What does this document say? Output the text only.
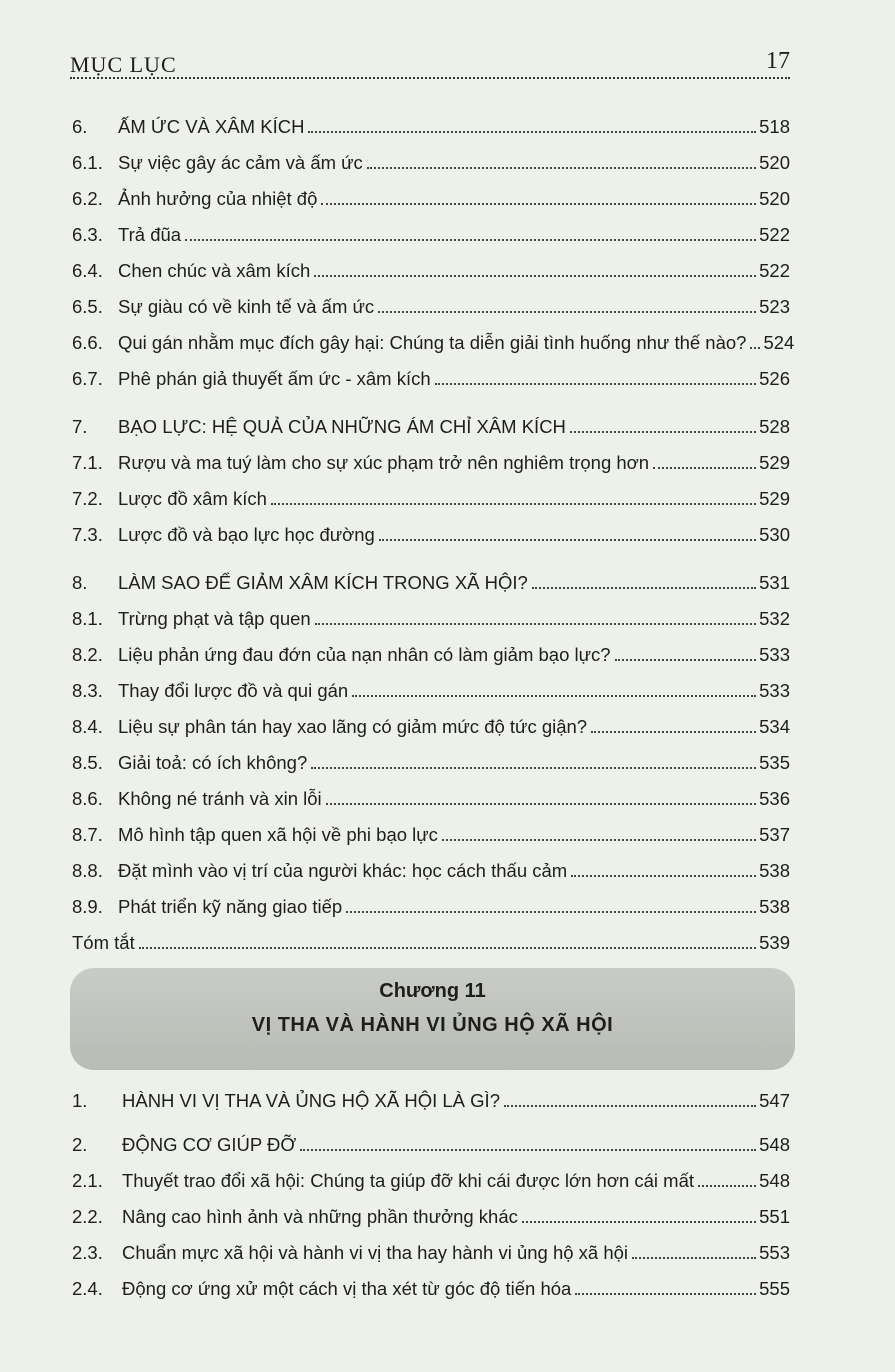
MỤC LỤC	17
6.	ẤM ỨC VÀ XÂM KÍCH	518
6.1. Sự việc gây ác cảm và ấm ức	520
6.2. Ảnh hưởng của nhiệt độ	520
6.3. Trả đũa	522
6.4. Chen chúc và xâm kích	522
6.5. Sự giàu có về kinh tế và ấm ức	523
6.6. Qui gán nhằm mục đích gây hại: Chúng ta diễn giải tình huống như thế nào? 524
6.7. Phê phán giả thuyết ấm ức - xâm kích	526
7.	BẠO LỰC: HỆ QUẢ CỦA NHỮNG ÁM CHỈ XÂM KÍCH	528
7.1. Rượu và ma tuý làm cho sự xúc phạm trở nên nghiêm trọng hơn	529
7.2. Lược đồ xâm kích	529
7.3. Lược đồ và bạo lực học đường	530
8.	LÀM SAO ĐỂ GIẢM XÂM KÍCH TRONG XÃ HỘI?	531
8.1. Trừng phạt và tập quen	532
8.2. Liệu phản ứng đau đớn của nạn nhân có làm giảm bạo lực?	533
8.3. Thay đổi lược đồ và qui gán	533
8.4. Liệu sự phân tán hay xao lãng có giảm mức độ tức giận?	534
8.5. Giải toả: có ích không?	535
8.6. Không né tránh và xin lỗi	536
8.7. Mô hình tập quen xã hội về phi bạo lực	537
8.8. Đặt mình vào vị trí của người khác: học cách thấu cảm	538
8.9. Phát triển kỹ năng giao tiếp	538
Tóm tắt	539
Chương 11
VỊ THA VÀ HÀNH VI ỦNG HỘ XÃ HỘI
1.	HÀNH VI VỊ THA VÀ ỦNG HỘ XÃ HỘI LÀ GÌ?	547
2.	ĐỘNG CƠ GIÚP ĐỠ	548
2.1.	Thuyết trao đổi xã hội: Chúng ta giúp đỡ khi cái được lớn hơn cái mất	548
2.2.	Nâng cao hình ảnh và những phần thưởng khác	551
2.3.	Chuẩn mực xã hội và hành vi vị tha hay hành vi ủng hộ xã hội	553
2.4.	Động cơ ứng xử một cách vị tha xét từ góc độ tiến hóa	555
